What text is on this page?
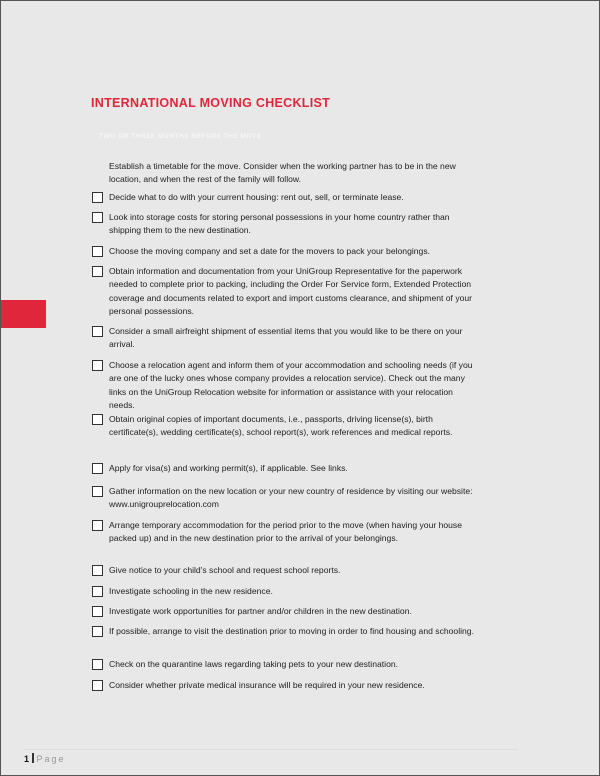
INTERNATIONAL MOVING CHECKLIST
TWO OR THREE MONTHS BEFORE THE MOVE
Establish a timetable for the move. Consider when the working partner has to be in the new location, and when the rest of the family will follow.
Decide what to do with your current housing: rent out, sell, or terminate lease.
Look into storage costs for storing personal possessions in your home country rather than shipping them to the new destination.
Choose the moving company and set a date for the movers to pack your belongings.
Obtain information and documentation from your UniGroup Representative for the paperwork needed to complete prior to packing, including the Order For Service form, Extended Protection coverage and documents related to export and import customs clearance, and shipment of your personal possessions.
Consider a small airfreight shipment of essential items that you would like to be there on your arrival.
Choose a relocation agent and inform them of your accommodation and schooling needs (if you are one of the lucky ones whose company provides a relocation service). Check out the many links on the UniGroup Relocation website for information or assistance with your relocation needs.
Obtain original copies of important documents, i.e., passports, driving license(s), birth certificate(s), wedding certificate(s), school report(s), work references and medical reports.
Apply for visa(s) and working permit(s), if applicable. See links.
Gather information on the new location or your new country of residence by visiting our website: www.unigrouprelocation.com
Arrange temporary accommodation for the period prior to the move (when having your house packed up) and in the new destination prior to the arrival of your belongings.
Give notice to your child's school and request school reports.
Investigate schooling in the new residence.
Investigate work opportunities for partner and/or children in the new destination.
If possible, arrange to visit the destination prior to moving in order to find housing and schooling.
Check on the quarantine laws regarding taking pets to your new destination.
Consider whether private medical insurance will be required in your new residence.
1 Page
